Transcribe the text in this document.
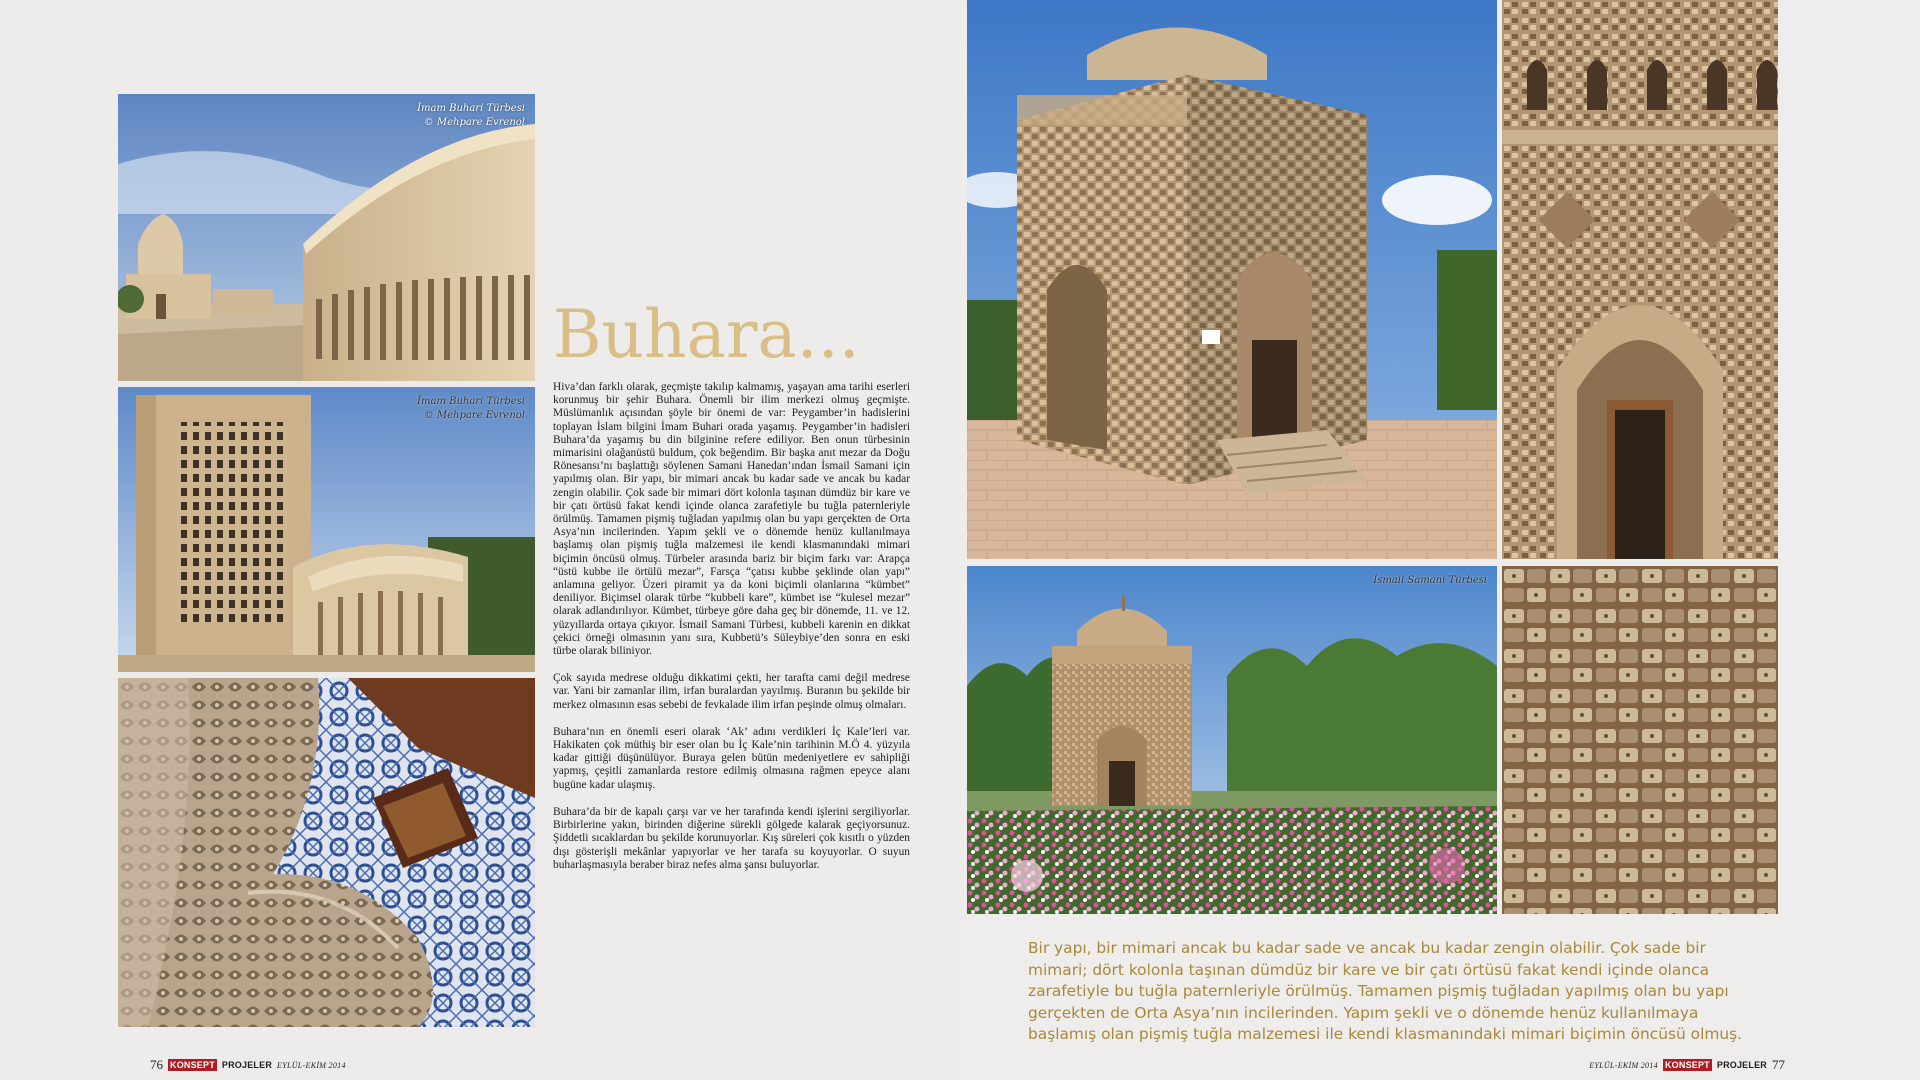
İmam Buhari Türbesi
© Mehpare Evrenol
İmam Buhari Türbesi
© Mehpare Evrenol
Buhara...

Hiva’dan farklı olarak, geçmişte takılıp kalmamış, yaşayan ama tarihi eserleri korunmuş bir şehir Buhara. Önemli bir ilim merkezi olmuş geçmişte. Müslümanlık açısından şöyle bir önemi de var: Peygamber’in hadislerini toplayan İslam bilgini İmam Buhari orada yaşamış. Peygamber’in hadisleri Buhara’da yaşamış bu din bilginine refere ediliyor. Ben onun türbesinin mimarisini olağanüstü buldum, çok beğendim. Bir başka anıt mezar da Doğu Rönesansı’nı başlattığı söylenen Samani Hanedan’ından İsmail Samani için yapılmış olan. Bir yapı, bir mimari ancak bu kadar sade ve ancak bu kadar zengin olabilir. Çok sade bir mimari dört kolonla taşınan dümdüz bir kare ve bir çatı örtüsü fakat kendi içinde olanca zarafetiyle bu tuğla paternleriyle örülmüş. Tamamen pişmiş tuğladan yapılmış olan bu yapı gerçekten de Orta Asya’nın incilerinden. Yapım şekli ve o dönemde henüz kullanılmaya başlamış olan pişmiş tuğla malzemesi ile kendi klasmanındaki mimari biçimin öncüsü olmuş. Türbeler arasında bariz bir biçim farkı var: Arapça “üstü kubbe ile örtülü mezar”, Farsça “çatısı kubbe şeklinde olan yapı” anlamına geliyor. Üzeri piramit ya da koni biçimli olanlarına “kümbet” deniliyor. Biçimsel olarak türbe “kubbeli kare”, kümbet ise “kulesel mezar” olarak adlandırılıyor. Kümbet, türbeye göre daha geç bir dönemde, 11. ve 12. yüzyıllarda ortaya çıkıyor. İsmail Samani Türbesi, kubbeli karenin en dikkat çekici örneği olmasının yanı sıra, Kubbetü’s Süleybiye’den sonra en eski türbe olarak biliniyor.

Çok sayıda medrese olduğu dikkatimi çekti, her tarafta cami değil medrese var. Yani bir zamanlar ilim, irfan buralardan yayılmış. Buranın bu şekilde bir merkez olmasının esas sebebi de fevkalade ilim irfan peşinde olmuş olmaları.

Buhara’nın en önemli eseri olarak ‘Ak’ adını verdikleri İç Kale’leri var. Hakikaten çok müthiş bir eser olan bu İç Kale’nin tarihinin M.Ö 4. yüzyıla kadar gittiği düşünülüyor. Buraya gelen bütün medeniyetlere ev sahipliği yapmış, çeşitli zamanlarda restore edilmiş olmasına rağmen epeyce alanı bugüne kadar ulaşmış.

Buhara’da bir de kapalı çarşı var ve her tarafında kendi işlerini sergiliyorlar. Birbirlerine yakın, birinden diğerine sürekli gölgede kalarak geçiyorsunuz. Şiddetli sıcaklardan bu şekilde korunuyorlar. Kış süreleri çok kısıtlı o yüzden dışı gösterişli mekânlar yapıyorlar ve her tarafa su koyuyorlar. O suyun buharlaşmasıyla beraber biraz nefes alma şansı buluyorlar.

76 KONSEPT PROJELER EYLÜL-EKİM 2014
İsmail Samani Türbesi
Bir yapı, bir mimari ancak bu kadar sade ve ancak bu kadar zengin olabilir. Çok sade bir mimari; dört kolonla taşınan dümdüz bir kare ve bir çatı örtüsü fakat kendi içinde olanca zarafetiyle bu tuğla paternleriyle örülmüş. Tamamen pişmiş tuğladan yapılmış olan bu yapı gerçekten de Orta Asya’nın incilerinden. Yapım şekli ve o dönemde henüz kullanılmaya başlamış olan pişmiş tuğla malzemesi ile kendi klasmanındaki mimari biçimin öncüsü olmuş.
EYLÜL-EKİM 2014 KONSEPT PROJELER 77
